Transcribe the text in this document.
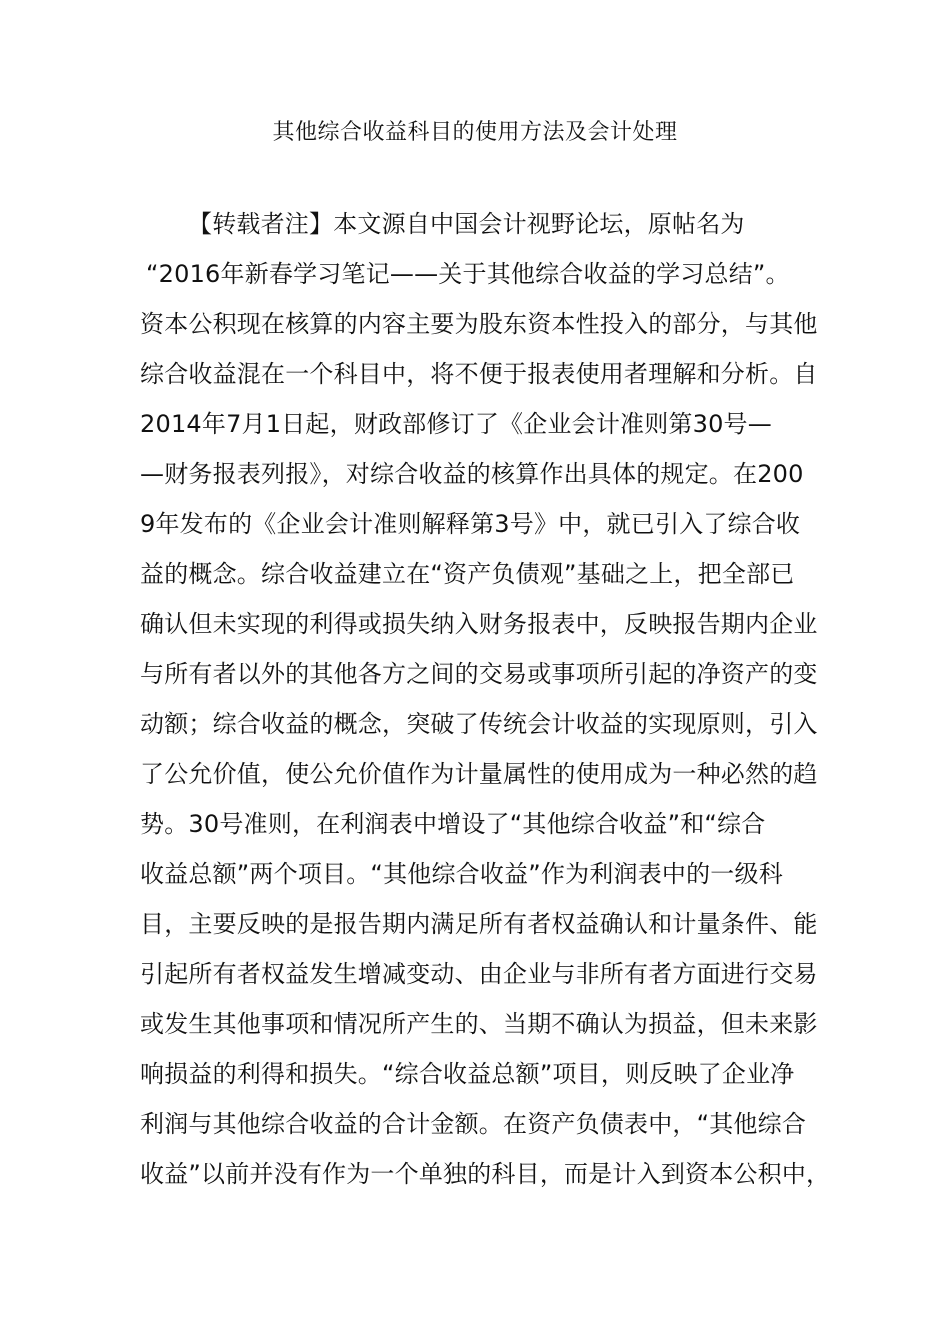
其他综合收益科目的使用方法及会计处理
【转载者注】本文源自中国会计视野论坛，原帖名为
“2016年新春学习笔记——关于其他综合收益的学习总结”。
资本公积现在核算的内容主要为股东资本性投入的部分，与其他
综合收益混在一个科目中，将不便于报表使用者理解和分析。自
2014年7月1日起，财政部修订了《企业会计准则第30号—
—财务报表列报》，对综合收益的核算作出具体的规定。在200
9年发布的《企业会计准则解释第3号》中，就已引入了综合收
益的概念。综合收益建立在“资产负债观”基础之上，把全部已
确认但未实现的利得或损失纳入财务报表中，反映报告期内企业
与所有者以外的其他各方之间的交易或事项所引起的净资产的变
动额；综合收益的概念，突破了传统会计收益的实现原则，引入
了公允价值，使公允价值作为计量属性的使用成为一种必然的趋
势。30号准则，在利润表中增设了“其他综合收益”和“综合
收益总额”两个项目。“其他综合收益”作为利润表中的一级科
目，主要反映的是报告期内满足所有者权益确认和计量条件、能
引起所有者权益发生增减变动、由企业与非所有者方面进行交易
或发生其他事项和情况所产生的、当期不确认为损益，但未来影
响损益的利得和损失。“综合收益总额”项目，则反映了企业净
利润与其他综合收益的合计金额。在资产负债表中，“其他综合
收益”以前并没有作为一个单独的科目，而是计入到资本公积中，
